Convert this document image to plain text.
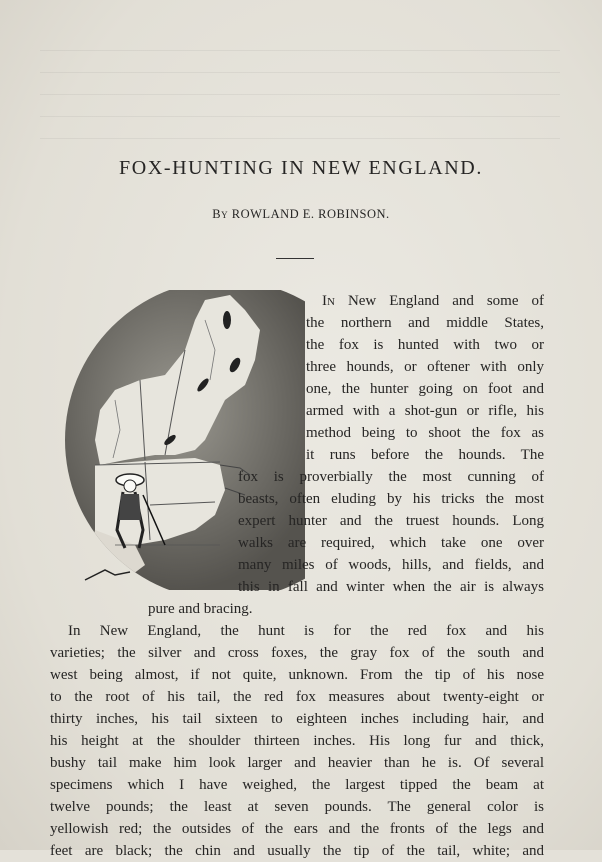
FOX-HUNTING IN NEW ENGLAND.
By ROWLAND E. ROBINSON.
In New England and some of
the northern and middle States,
the fox is hunted with two or
three hounds, or oftener with only
one, the hunter going on foot and
armed with a shot-gun or rifle, his
method being to shoot the fox as
it runs before the hounds. The
fox is proverbially the most cunning of
beasts, often eluding by his tricks the most
expert hunter and the truest hounds. Long
walks are required, which take one over
many miles of woods, hills, and fields, and
this in fall and winter when the air is always
pure and bracing.
In New England, the hunt is for the red fox and his
varieties; the silver and cross foxes, the gray fox of the south and
west being almost, if not quite, unknown. From the tip of his nose
to the root of his tail, the red fox measures about twenty-eight or
thirty inches, his tail sixteen to eighteen inches including hair, and
his height at the shoulder thirteen inches. His long fur and thick,
bushy tail make him look larger and heavier than he is. Of several
specimens which I have weighed, the largest tipped the beam at
twelve pounds; the least at seven pounds. The general color is
yellowish red; the outsides of the ears and the fronts of the legs and
feet are black; the chin and usually the tip of the tail, white; and
